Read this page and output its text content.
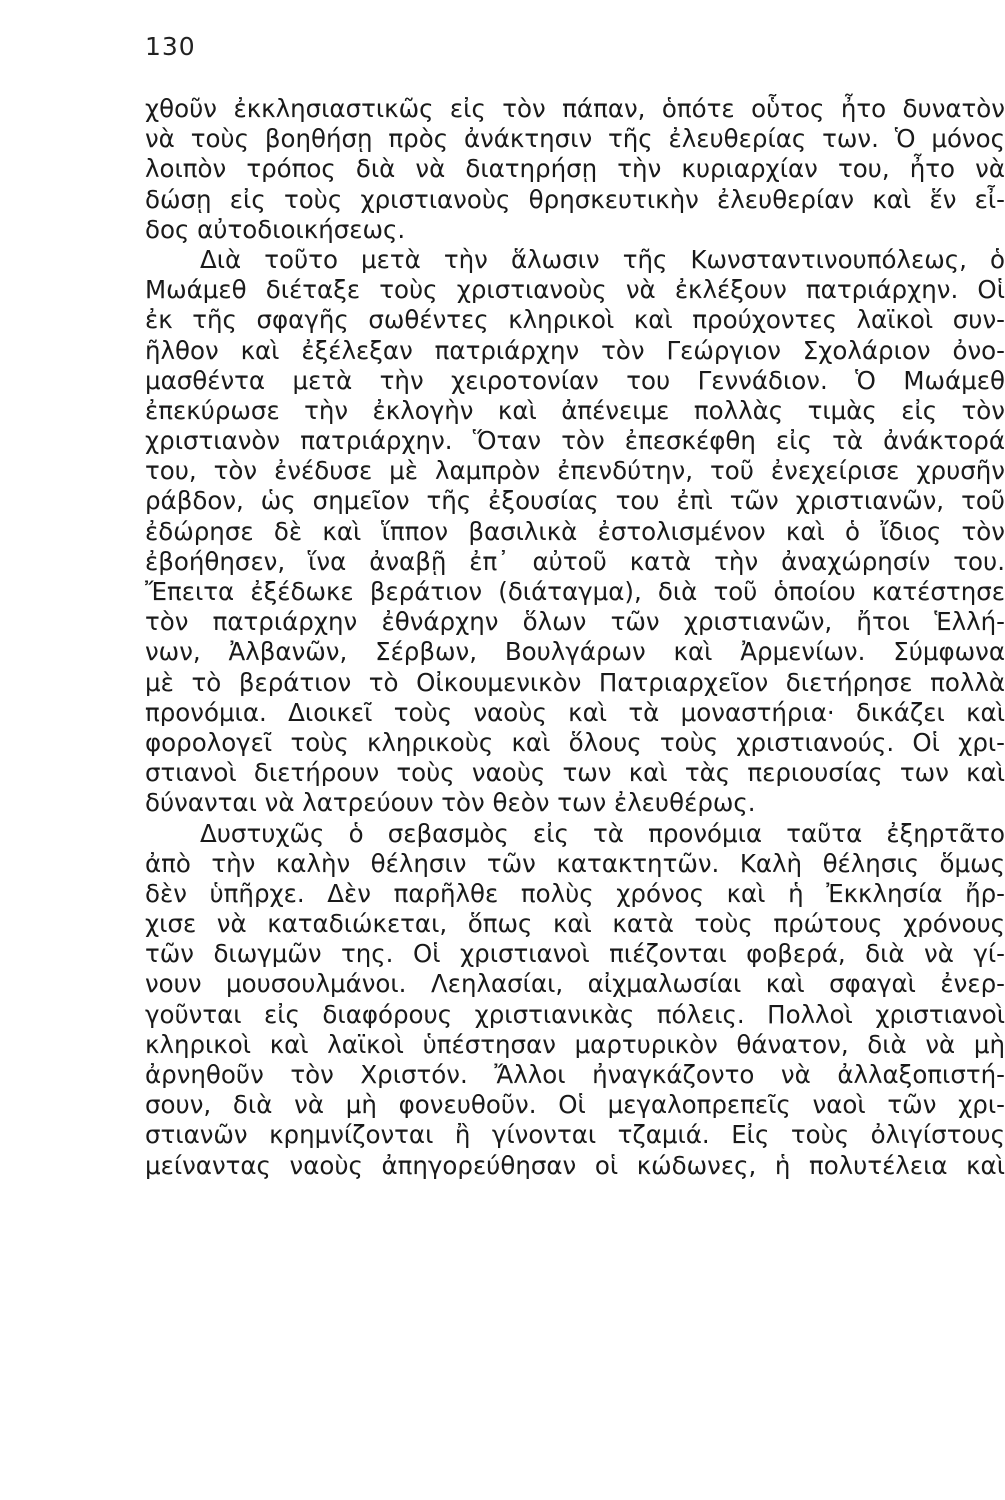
130
χθοῦν ἐκκλησιαστικῶς εἰς τὸν πάπαν, ὁπότε οὗτος ἦτο δυνατὸν
νὰ τοὺς βοηθήσῃ πρὸς ἀνάκτησιν τῆς ἐλευθερίας των. Ὁ μόνος
λοιπὸν τρόπος διὰ νὰ διατηρήσῃ τὴν κυριαρχίαν του, ἦτο νὰ
δώσῃ εἰς τοὺς χριστιανοὺς θρησκευτικὴν ἐλευθερίαν καὶ ἕν εἶ-
δος αὐτοδιοικήσεως.
Διὰ τοῦτο μετὰ τὴν ἅλωσιν τῆς Κωνσταντινουπόλεως, ὁ
Μωάμεθ διέταξε τοὺς χριστιανοὺς νὰ ἐκλέξουν πατριάρχην. Οἱ
ἐκ τῆς σφαγῆς σωθέντες κληρικοὶ καὶ προύχοντες λαϊκοὶ συν-
ῆλθον καὶ ἐξέλεξαν πατριάρχην τὸν Γεώργιον Σχολάριον ὀνο-
μασθέντα μετὰ τὴν χειροτονίαν του Γεννάδιον. Ὁ Μωάμεθ
ἐπεκύρωσε τὴν ἐκλογὴν καὶ ἀπένειμε πολλὰς τιμὰς εἰς τὸν
χριστιανὸν πατριάρχην. Ὅταν τὸν ἐπεσκέφθη εἰς τὰ ἀνάκτορά
του, τὸν ἐνέδυσε μὲ λαμπρὸν ἐπενδύτην, τοῦ ἐνεχείρισε χρυσῆν
ράβδον, ὡς σημεῖον τῆς ἐξουσίας του ἐπὶ τῶν χριστιανῶν, τοῦ
ἐδώρησε δὲ καὶ ἵππον βασιλικὰ ἐστολισμένον καὶ ὁ ἴδιος τὸν
ἐβοήθησεν, ἵνα ἀναβῇ ἐπ᾽ αὐτοῦ κατὰ τὴν ἀναχώρησίν του.
Ἔπειτα ἐξέδωκε βεράτιον (διάταγμα), διὰ τοῦ ὁποίου κατέστησε
τὸν πατριάρχην ἐθνάρχην ὅλων τῶν χριστιανῶν, ἤτοι Ἑλλή-
νων, Ἀλβανῶν, Σέρβων, Βουλγάρων καὶ Ἀρμενίων. Σύμφωνα
μὲ τὸ βεράτιον τὸ Οἰκουμενικὸν Πατριαρχεῖον διετήρησε πολλὰ
προνόμια. Διοικεῖ τοὺς ναοὺς καὶ τὰ μοναστήρια· δικάζει καὶ
φορολογεῖ τοὺς κληρικοὺς καὶ ὅλους τοὺς χριστιανούς. Οἱ χρι-
στιανοὶ διετήρουν τοὺς ναοὺς των καὶ τὰς περιουσίας των καὶ
δύνανται νὰ λατρεύουν τὸν θεὸν των ἐλευθέρως.
Δυστυχῶς ὁ σεβασμὸς εἰς τὰ προνόμια ταῦτα ἐξηρτᾶτο
ἀπὸ τὴν καλὴν θέλησιν τῶν κατακτητῶν. Καλὴ θέλησις ὅμως
δὲν ὑπῆρχε. Δὲν παρῆλθε πολὺς χρόνος καὶ ἡ Ἐκκλησία ἤρ-
χισε νὰ καταδιώκεται, ὅπως καὶ κατὰ τοὺς πρώτους χρόνους
τῶν διωγμῶν της. Οἱ χριστιανοὶ πιέζονται φοβερά, διὰ νὰ γί-
νουν μουσουλμάνοι. Λεηλασίαι, αἰχμαλωσίαι καὶ σφαγαὶ ἐνερ-
γοῦνται εἰς διαφόρους χριστιανικὰς πόλεις. Πολλοὶ χριστιανοὶ
κληρικοὶ καὶ λαϊκοὶ ὑπέστησαν μαρτυρικὸν θάνατον, διὰ νὰ μὴ
ἀρνηθοῦν τὸν Χριστόν. Ἄλλοι ἠναγκάζοντο νὰ ἀλλαξοπιστή-
σουν, διὰ νὰ μὴ φονευθοῦν. Οἱ μεγαλοπρεπεῖς ναοὶ τῶν χρι-
στιανῶν κρημνίζονται ἢ γίνονται τζαμιά. Εἰς τοὺς ὀλιγίστους
μείναντας ναοὺς ἀπηγορεύθησαν οἱ κώδωνες, ἡ πολυτέλεια καὶ
